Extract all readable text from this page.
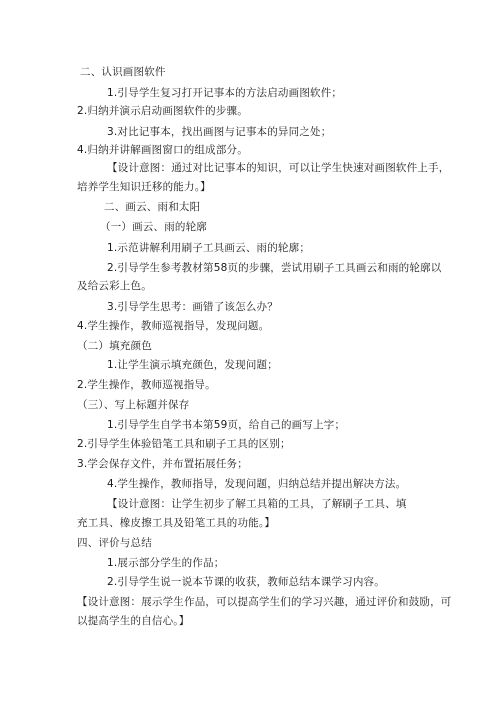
二、认识画图软件
1.引导学生复习打开记事本的方法启动画图软件；
2.归纳并演示启动画图软件的步骤。
3.对比记事本，找出画图与记事本的异同之处；
4.归纳并讲解画图窗口的组成部分。
【设计意图：通过对比记事本的知识，可以让学生快速对画图软件上手，
培养学生知识迁移的能力。】
二、画云、雨和太阳
（一）画云、雨的轮廓
1.示范讲解利用刷子工具画云、雨的轮廓；
2.引导学生参考教材第58页的步骤，尝试用刷子工具画云和雨的轮廓以
及给云彩上色。
3.引导学生思考：画错了该怎么办？
4.学生操作，教师巡视指导，发现问题。
（二）填充颜色
1.让学生演示填充颜色，发现问题；
2.学生操作，教师巡视指导。
（三）、写上标题并保存
1.引导学生自学书本第59页，给自己的画写上字；
2.引导学生体验铅笔工具和刷子工具的区别；
3.学会保存文件，并布置拓展任务；
4.学生操作，教师指导，发现问题，归纳总结并提出解决方法。
【设计意图：让学生初步了解工具箱的工具，了解刷子工具、填
充工具、橡皮擦工具及铅笔工具的功能。】
四、评价与总结
1.展示部分学生的作品；
2.引导学生说一说本节课的收获，教师总结本课学习内容。
【设计意图：展示学生作品，可以提高学生们的学习兴趣，通过评价和鼓励，可
以提高学生的自信心。】
